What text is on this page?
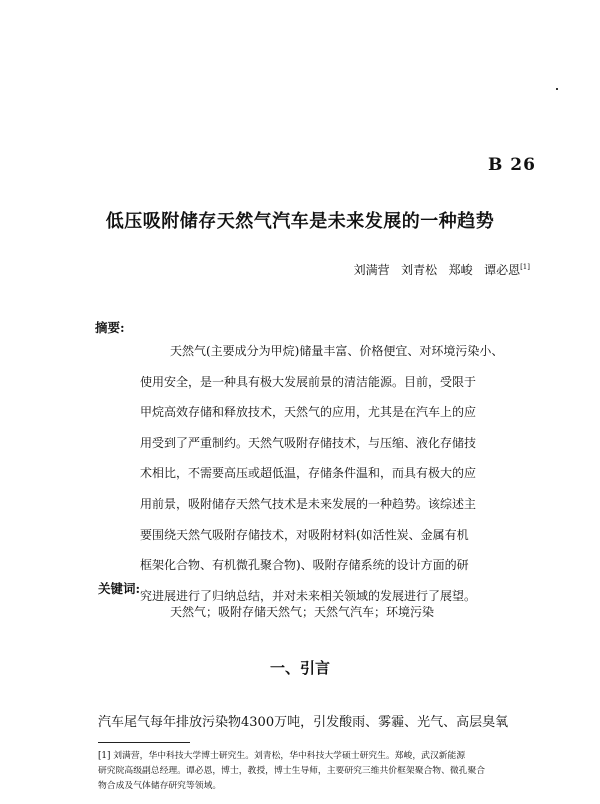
B 26
低压吸附储存天然气汽车是未来发展的一种趋势
刘满营 刘青松 郑峻 谭必恩[1]
摘要:
天然气(主要成分为甲烷)储量丰富、价格便宜、对环境污染小、
使用安全，是一种具有极大发展前景的清洁能源。目前，受限于
甲烷高效存储和释放技术，天然气的应用，尤其是在汽车上的应
用受到了严重制约。天然气吸附存储技术，与压缩、液化存储技
术相比，不需要高压或超低温，存储条件温和，而具有极大的应
用前景，吸附储存天然气技术是未来发展的一种趋势。该综述主
要围绕天然气吸附存储技术，对吸附材料(如活性炭、金属有机
框架化合物、有机微孔聚合物)、吸附存储系统的设计方面的研
究进展进行了归纳总结，并对未来相关领域的发展进行了展望。
关键词:
天然气；吸附存储天然气；天然气汽车；环境污染
一、引言
汽车尾气每年排放污染物4300万吨，引发酸雨、雾霾、光气、高层臭氧
[1] 刘满营，华中科技大学博士研究生。刘青松，华中科技大学硕士研究生。郑峻，武汉新能源
研究院高级副总经理。谭必恩，博士，教授，博士生导师，主要研究三维共价框架聚合物、微孔聚合
物合成及气体储存研究等领域。
